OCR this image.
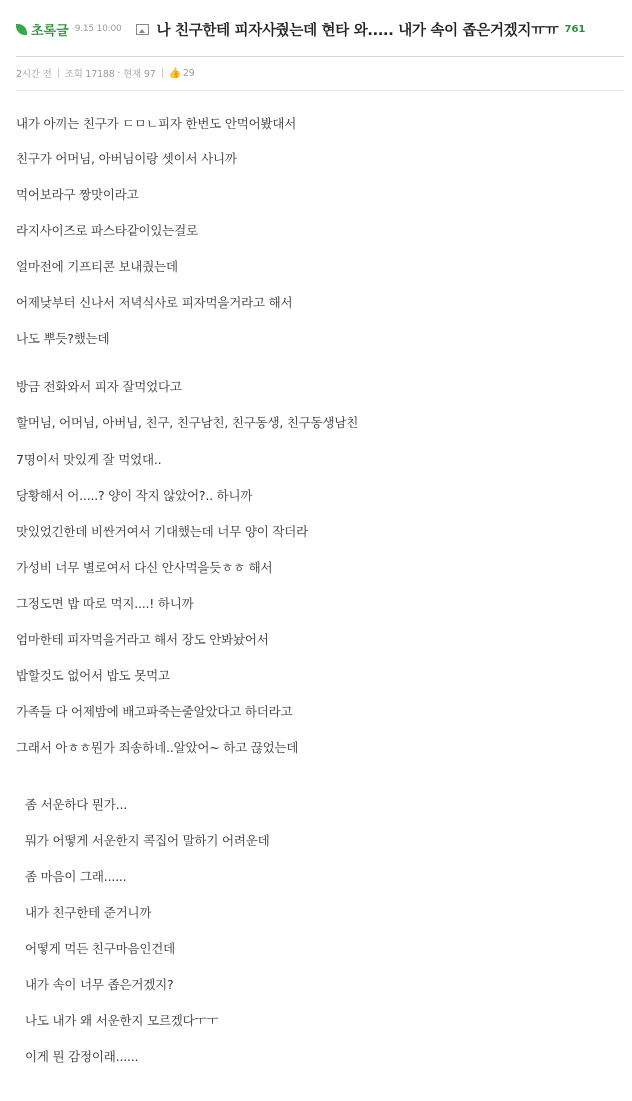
초록글 9.15 10:00 나 친구한테 피자사줬는데 현타 와..... 내가 속이 좁은거겠지ㅠㅠ 761
2시간 전 조회 17188 · 현재 97 👍 29
내가 아끼는 친구가 ㄷㅁㄴ피자 한번도 안먹어봤대서
친구가 어머님, 아버님이랑 셋이서 사니까
먹어보라구 짱맛이라고
라지사이즈로 파스타같이있는걸로
얼마전에 기프티콘 보내줬는데
어제낮부터 신나서 저녁식사로 피자먹을거라고 해서
나도 뿌듯?했는데
방금 전화와서 피자 잘먹었다고
할머님, 어머님, 아버님, 친구, 친구남친, 친구동생, 친구동생남친
7명이서 맛있게 잘 먹었대..
당황해서 어.....? 양이 작지 않았어?.. 하니까
맛있었긴한데 비싼거여서 기대했는데 너무 양이 작더라
가성비 너무 별로여서 다신 안사먹을듯ㅎㅎ 해서
그정도면 밥 따로 먹지....! 하니까
엄마한테 피자먹을거라고 해서 장도 안봐놨어서
밥할것도 없어서 밥도 못먹고
가족들 다 어제밤에 배고파죽는줄알았다고 하더라고
그래서 아ㅎㅎ뭔가 죄송하네..알았어~ 하고 끊었는데
좀 서운하다 뭔가...
뭐가 어떻게 서운한지 콕집어 말하기 어려운데
좀 마음이 그래......
내가 친구한테 준거니까
어떻게 먹든 친구마음인건데
내가 속이 너무 좁은거겠지?
나도 내가 왜 서운한지 모르겠다ㅜㅜ
이게 뭔 감정이래......
